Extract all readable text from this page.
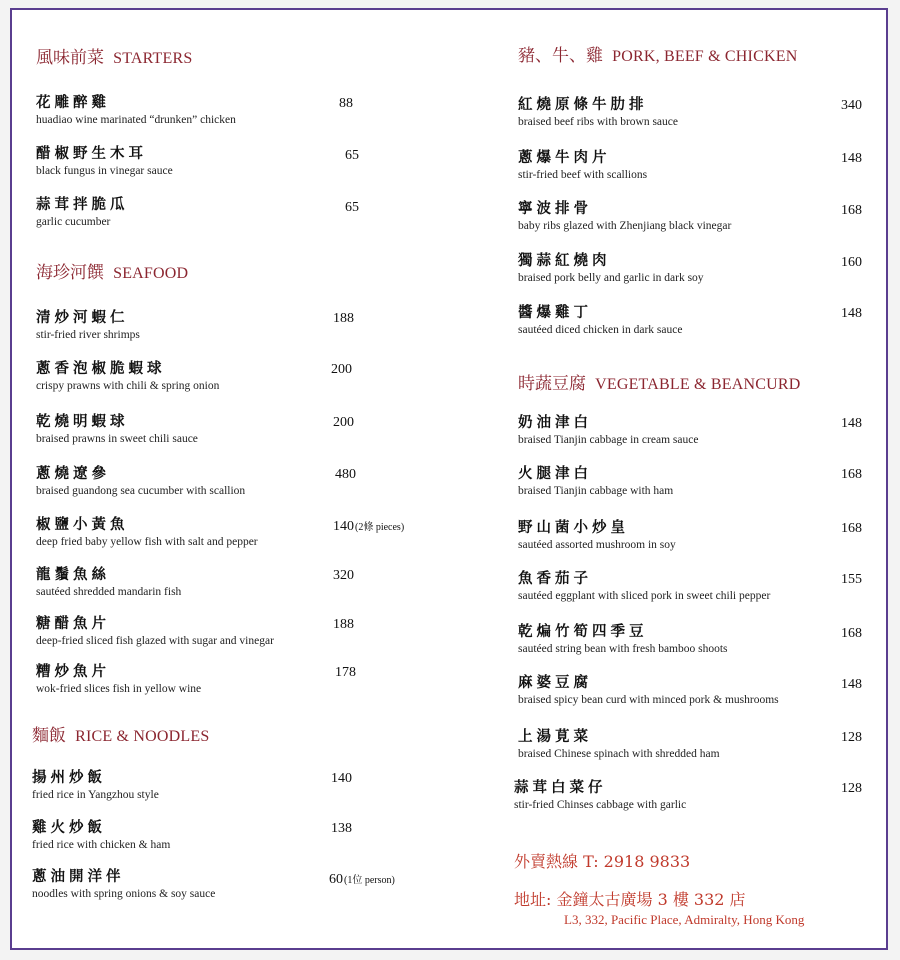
風味前菜 STARTERS
花雕醉雞
huadiao wine marinated “drunken” chicken
88
醋椒野生木耳
black fungus in vinegar sauce
65
蒜茸拌脆瓜
garlic cucumber
65
海珍河饌 SEAFOOD
清炒河蝦仁
stir-fried river shrimps
188
蔥香泡椒脆蝦球
crispy prawns with chili & spring onion
200
乾燒明蝦球
braised prawns in sweet chili sauce
200
蔥燒遼參
braised guandong sea cucumber with scallion
480
椒鹽小黃魚
deep fried baby yellow fish with salt and pepper
140(2條 pieces)
龍鬚魚絲
sautéed shredded mandarin fish
320
糖醋魚片
deep-fried sliced fish glazed with sugar and vinegar
188
糟炒魚片
wok-fried slices fish in yellow wine
178
麵飯 RICE & NOODLES
揚州炒飯
fried rice in Yangzhou style
140
雞火炒飯
fried rice with chicken & ham
138
蔥油開洋伴
noodles with spring onions & soy sauce
60(1位 person)
豬、牛、雞 PORK, BEEF & CHICKEN
紅燒原條牛肋排
braised beef ribs with brown sauce
340
蔥爆牛肉片
stir-fried beef with scallions
148
寧波排骨
baby ribs glazed with Zhenjiang black vinegar
168
獨蒜紅燒肉
braised pork belly and garlic in dark soy
160
醬爆雞丁
sautéed diced chicken in dark sauce
148
時蔬豆腐 VEGETABLE & BEANCURD
奶油津白
braised Tianjin cabbage in cream sauce
148
火腿津白
braised Tianjin cabbage with ham
168
野山菌小炒皇
sautéed assorted mushroom in soy
168
魚香茄子
sautéed eggplant with sliced pork in sweet chili pepper
155
乾煸竹筍四季豆
sautéed string bean with fresh bamboo shoots
168
麻婆豆腐
braised spicy bean curd with minced pork & mushrooms
148
上湯莧菜
braised Chinese spinach with shredded ham
128
蒜茸白菜仔
stir-fried Chinses cabbage with garlic
128
外賣熱線 T: 2918 9833
地址: 金鐘太古廣場 3 樓 332 店
L3, 332, Pacific Place, Admiralty, Hong Kong
